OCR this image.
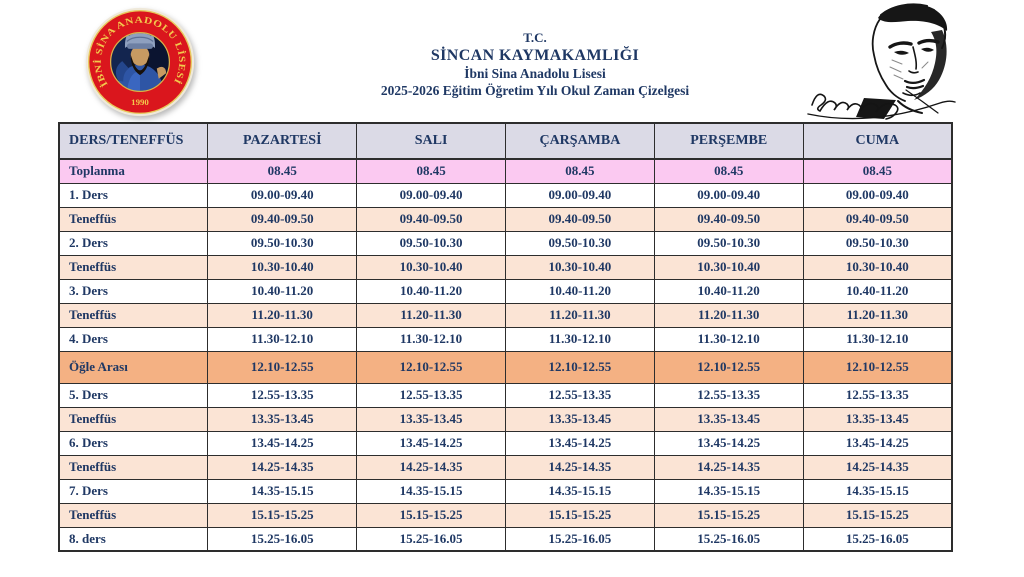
İBNİ SİNA ANADOLU LİSESİ
1990
T.C.
SİNCAN KAYMAKAMLIĞI
İbni Sina Anadolu Lisesi
2025-2026 Eğitim Öğretim Yılı Okul Zaman Çizelgesi
DERS/TENEFFÜS	PAZARTESİ	SALI	ÇARŞAMBA	PERŞEMBE	CUMA
Toplanma	08.45	08.45	08.45	08.45	08.45
1. Ders	09.00-09.40	09.00-09.40	09.00-09.40	09.00-09.40	09.00-09.40
Teneffüs	09.40-09.50	09.40-09.50	09.40-09.50	09.40-09.50	09.40-09.50
2. Ders	09.50-10.30	09.50-10.30	09.50-10.30	09.50-10.30	09.50-10.30
Teneffüs	10.30-10.40	10.30-10.40	10.30-10.40	10.30-10.40	10.30-10.40
3. Ders	10.40-11.20	10.40-11.20	10.40-11.20	10.40-11.20	10.40-11.20
Teneffüs	11.20-11.30	11.20-11.30	11.20-11.30	11.20-11.30	11.20-11.30
4. Ders	11.30-12.10	11.30-12.10	11.30-12.10	11.30-12.10	11.30-12.10
Öğle Arası	12.10-12.55	12.10-12.55	12.10-12.55	12.10-12.55	12.10-12.55
5. Ders	12.55-13.35	12.55-13.35	12.55-13.35	12.55-13.35	12.55-13.35
Teneffüs	13.35-13.45	13.35-13.45	13.35-13.45	13.35-13.45	13.35-13.45
6. Ders	13.45-14.25	13.45-14.25	13.45-14.25	13.45-14.25	13.45-14.25
Teneffüs	14.25-14.35	14.25-14.35	14.25-14.35	14.25-14.35	14.25-14.35
7. Ders	14.35-15.15	14.35-15.15	14.35-15.15	14.35-15.15	14.35-15.15
Teneffüs	15.15-15.25	15.15-15.25	15.15-15.25	15.15-15.25	15.15-15.25
8. ders	15.25-16.05	15.25-16.05	15.25-16.05	15.25-16.05	15.25-16.05
